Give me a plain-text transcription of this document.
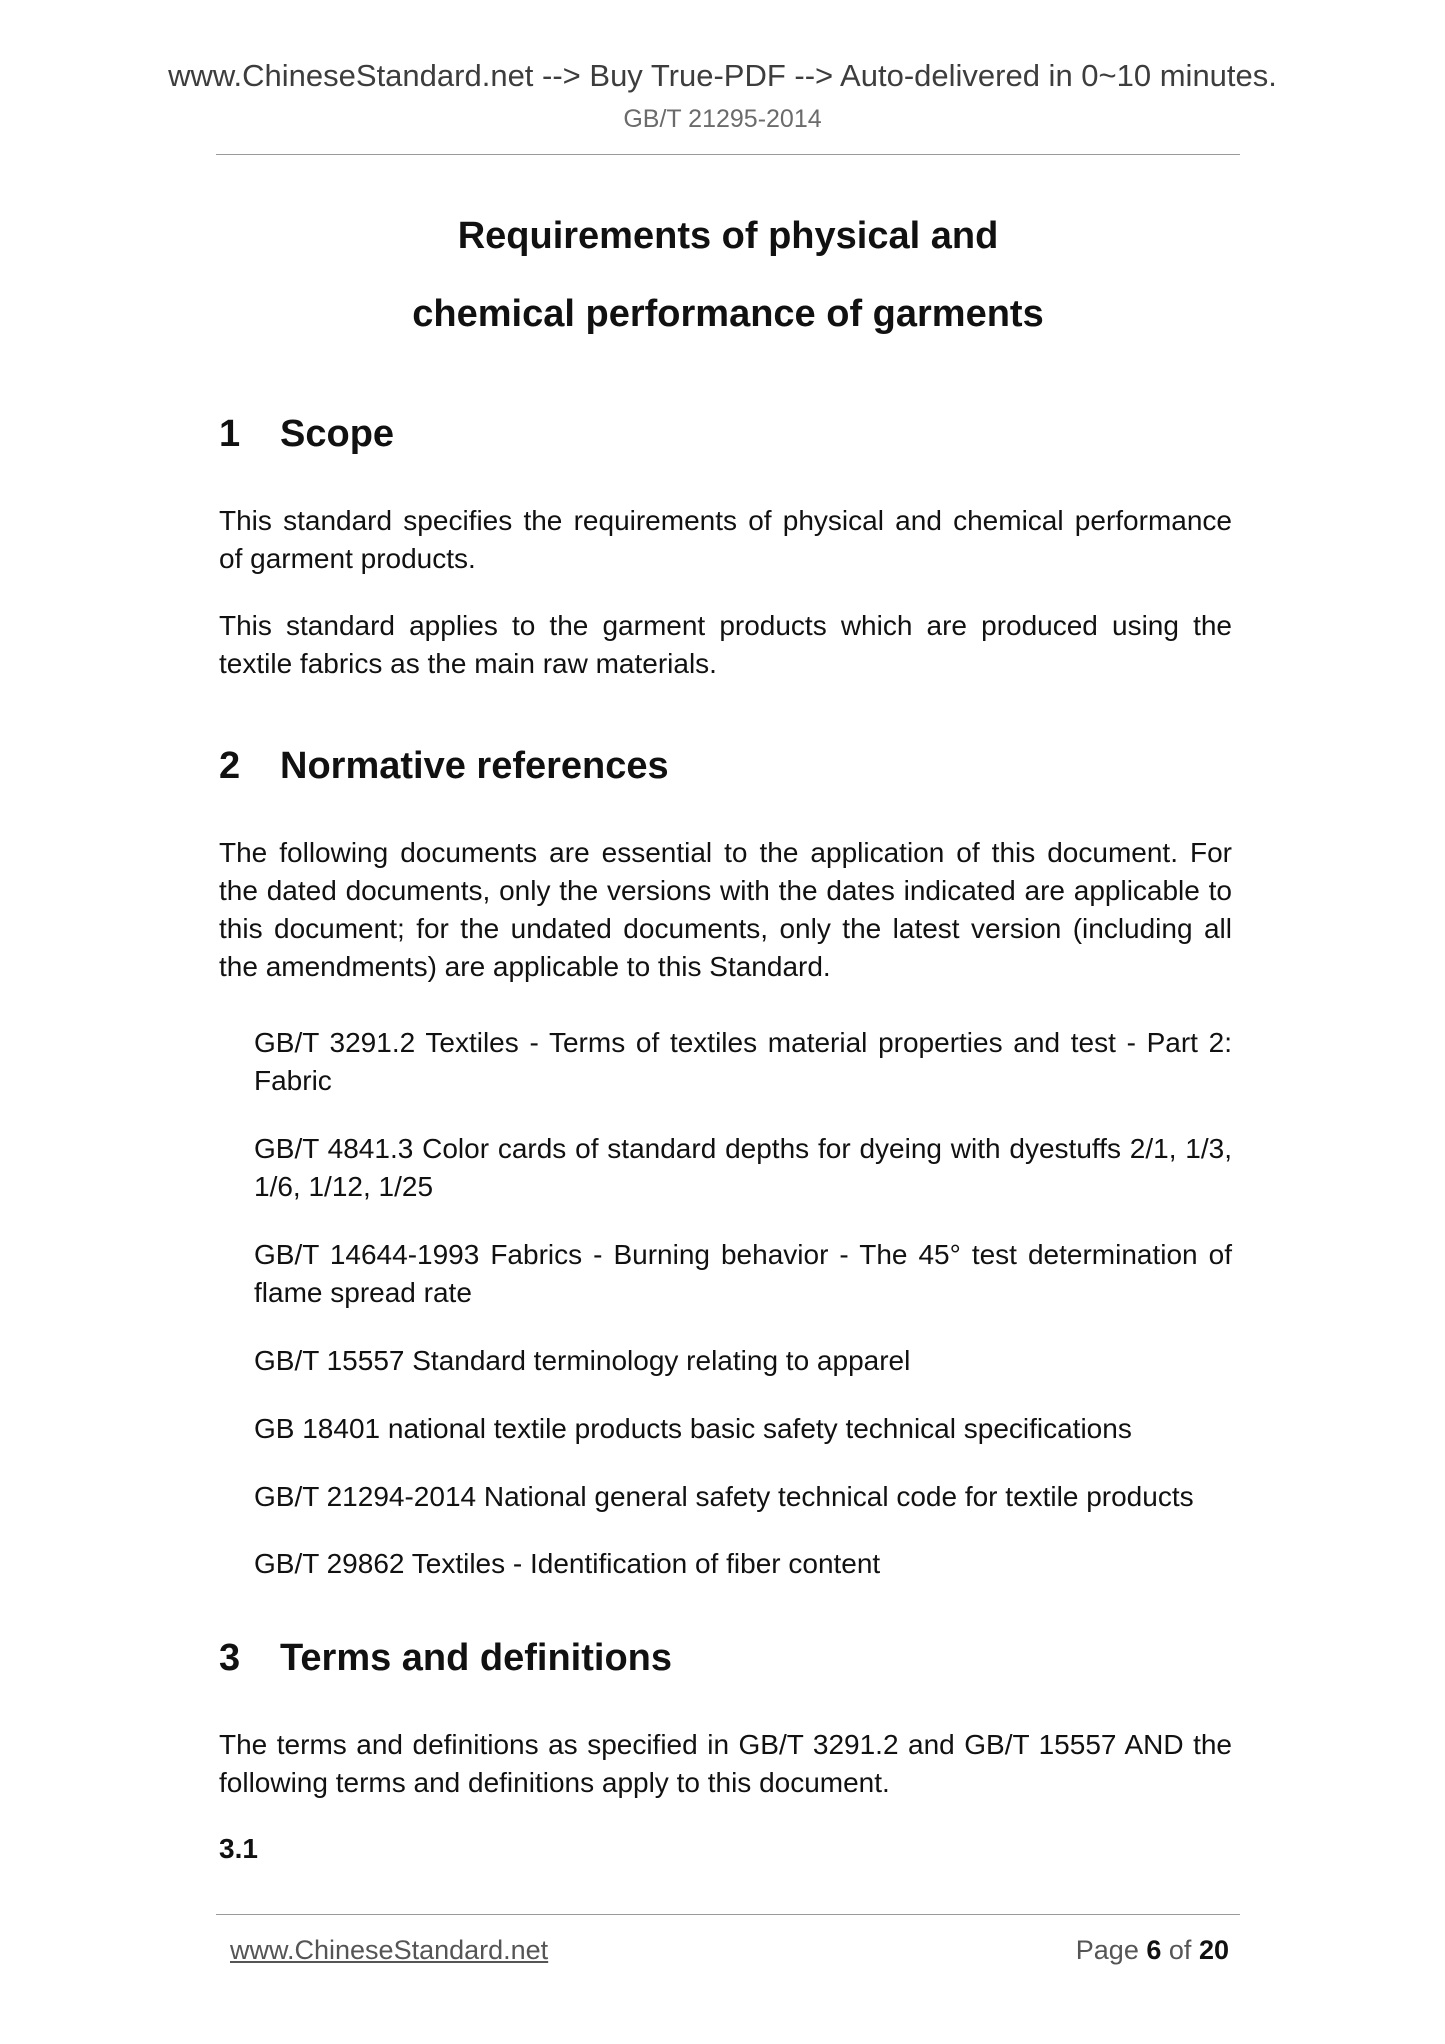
www.ChineseStandard.net --> Buy True-PDF --> Auto-delivered in 0~10 minutes.
GB/T 21295-2014
Requirements of physical and
chemical performance of garments
1 Scope
This standard specifies the requirements of physical and chemical performance of garment products.
This standard applies to the garment products which are produced using the textile fabrics as the main raw materials.
2 Normative references
The following documents are essential to the application of this document. For the dated documents, only the versions with the dates indicated are applicable to this document; for the undated documents, only the latest version (including all the amendments) are applicable to this Standard.
GB/T 3291.2 Textiles - Terms of textiles material properties and test - Part 2: Fabric
GB/T 4841.3 Color cards of standard depths for dyeing with dyestuffs 2/1, 1/3, 1/6, 1/12, 1/25
GB/T 14644-1993 Fabrics - Burning behavior - The 45° test determination of flame spread rate
GB/T 15557 Standard terminology relating to apparel
GB 18401 national textile products basic safety technical specifications
GB/T 21294-2014 National general safety technical code for textile products
GB/T 29862 Textiles - Identification of fiber content
3 Terms and definitions
The terms and definitions as specified in GB/T 3291.2 and GB/T 15557 AND the following terms and definitions apply to this document.
3.1
www.ChineseStandard.net	Page 6 of 20
